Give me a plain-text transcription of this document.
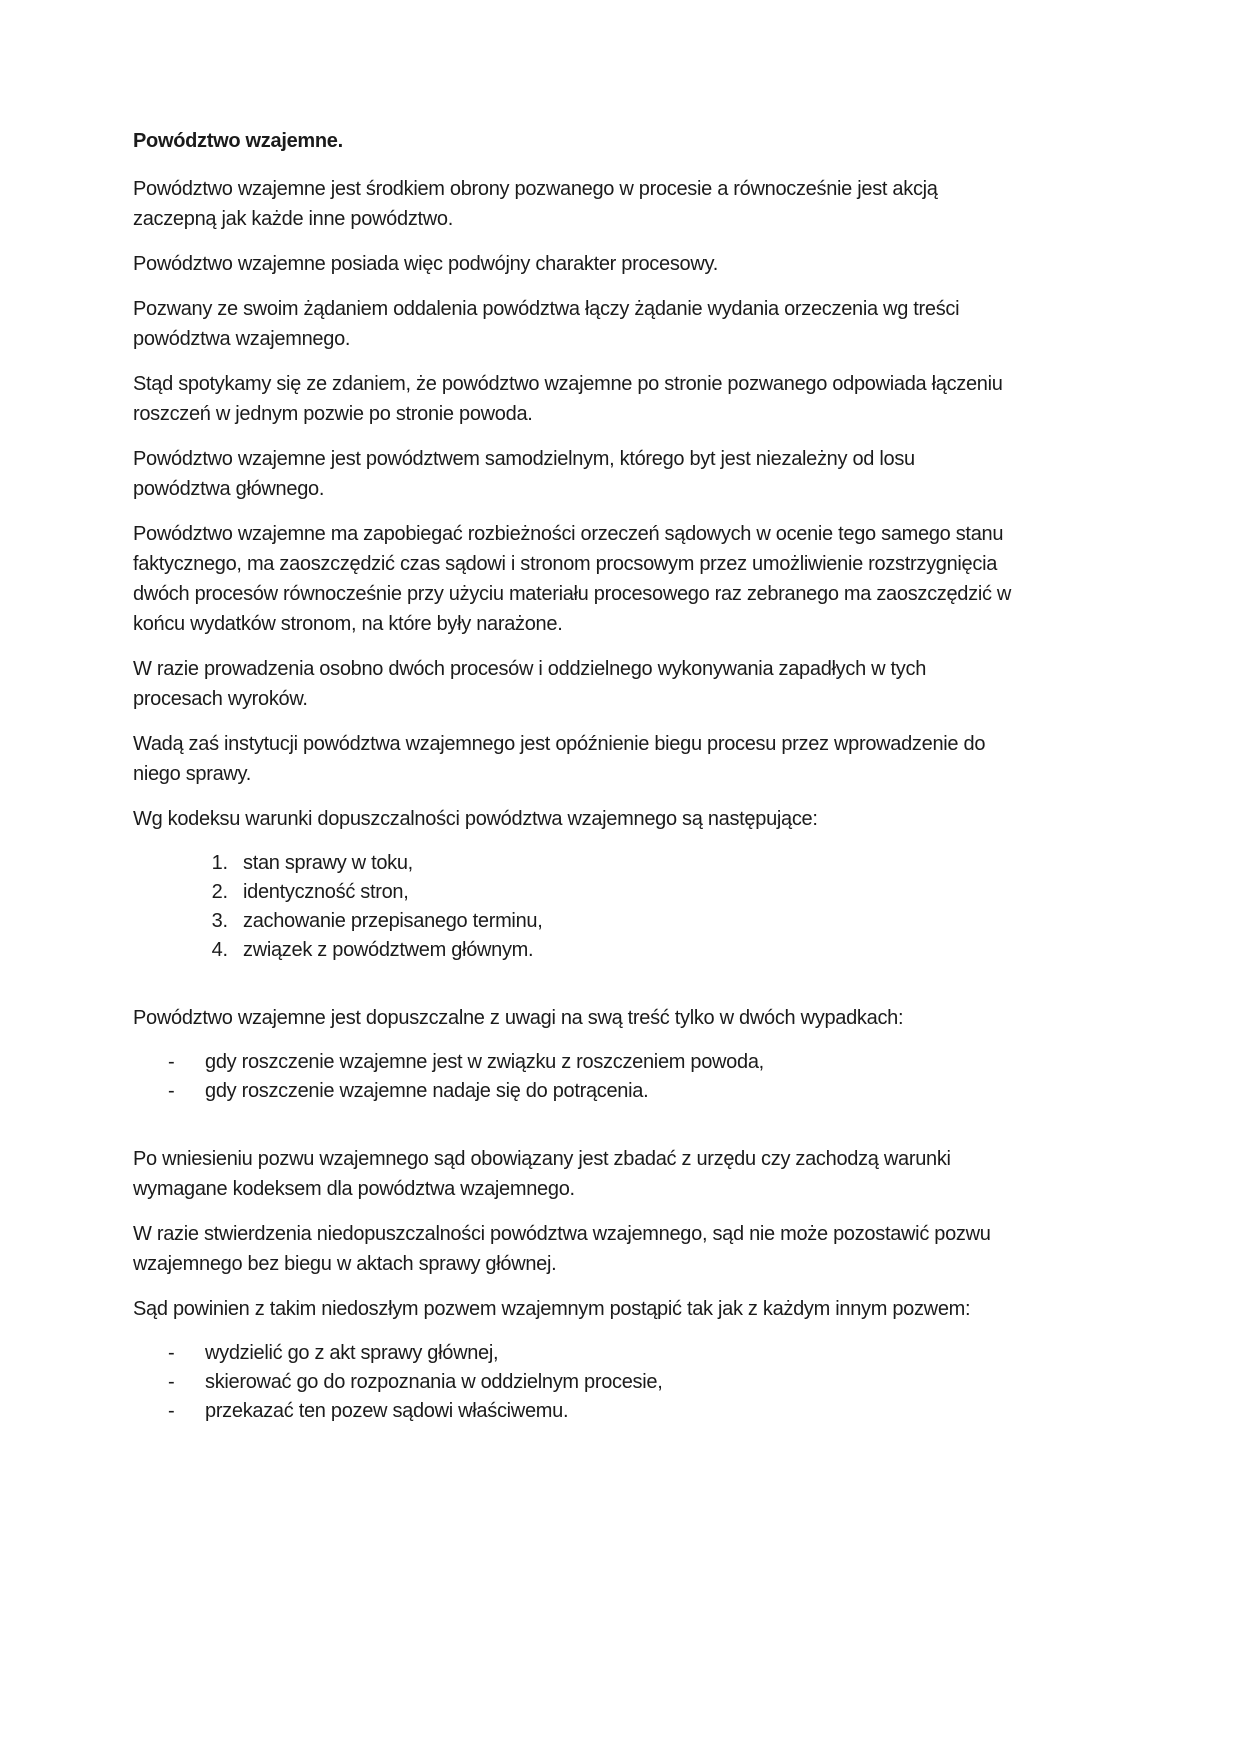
Powództwo wzajemne.

Powództwo wzajemne jest środkiem obrony pozwanego w procesie a równocześnie jest akcją zaczepną jak każde inne powództwo.

Powództwo wzajemne posiada więc podwójny charakter procesowy.

Pozwany ze swoim żądaniem oddalenia powództwa łączy żądanie wydania orzeczenia wg treści powództwa wzajemnego.

Stąd spotykamy się ze zdaniem, że powództwo wzajemne po stronie pozwanego odpowiada łączeniu roszczeń w jednym pozwie po stronie powoda.

Powództwo wzajemne jest powództwem samodzielnym, którego byt jest niezależny od losu powództwa głównego.

Powództwo wzajemne ma zapobiegać rozbieżności orzeczeń sądowych w ocenie tego samego stanu faktycznego, ma zaoszczędzić czas sądowi i stronom procsowym przez umożliwienie rozstrzygnięcia dwóch procesów równocześnie przy użyciu materiału procesowego raz zebranego ma zaoszczędzić w końcu wydatków stronom, na które były narażone.

W razie prowadzenia osobno dwóch procesów i oddzielnego wykonywania zapadłych w tych procesach wyroków.

Wadą zaś instytucji powództwa wzajemnego jest opóźnienie biegu procesu przez wprowadzenie do niego sprawy.

Wg kodeksu warunki dopuszczalności powództwa wzajemnego są następujące:

1. stan sprawy w toku,
2. identyczność stron,
3. zachowanie przepisanego terminu,
4. związek z powództwem głównym.

Powództwo wzajemne jest dopuszczalne z uwagi na swą treść tylko w dwóch wypadkach:

- gdy roszczenie wzajemne jest w związku z roszczeniem powoda,
- gdy roszczenie wzajemne nadaje się do potrącenia.

Po wniesieniu pozwu wzajemnego sąd obowiązany jest zbadać z urzędu czy zachodzą warunki wymagane kodeksem dla powództwa wzajemnego.

W razie stwierdzenia niedopuszczalności powództwa wzajemnego, sąd nie może pozostawić pozwu wzajemnego bez biegu w aktach sprawy głównej.

Sąd powinien z takim niedoszłym pozwem wzajemnym postąpić tak jak z każdym innym pozwem:

- wydzielić go z akt sprawy głównej,
- skierować go do rozpoznania w oddzielnym procesie,
- przekazać ten pozew sądowi właściwemu.
